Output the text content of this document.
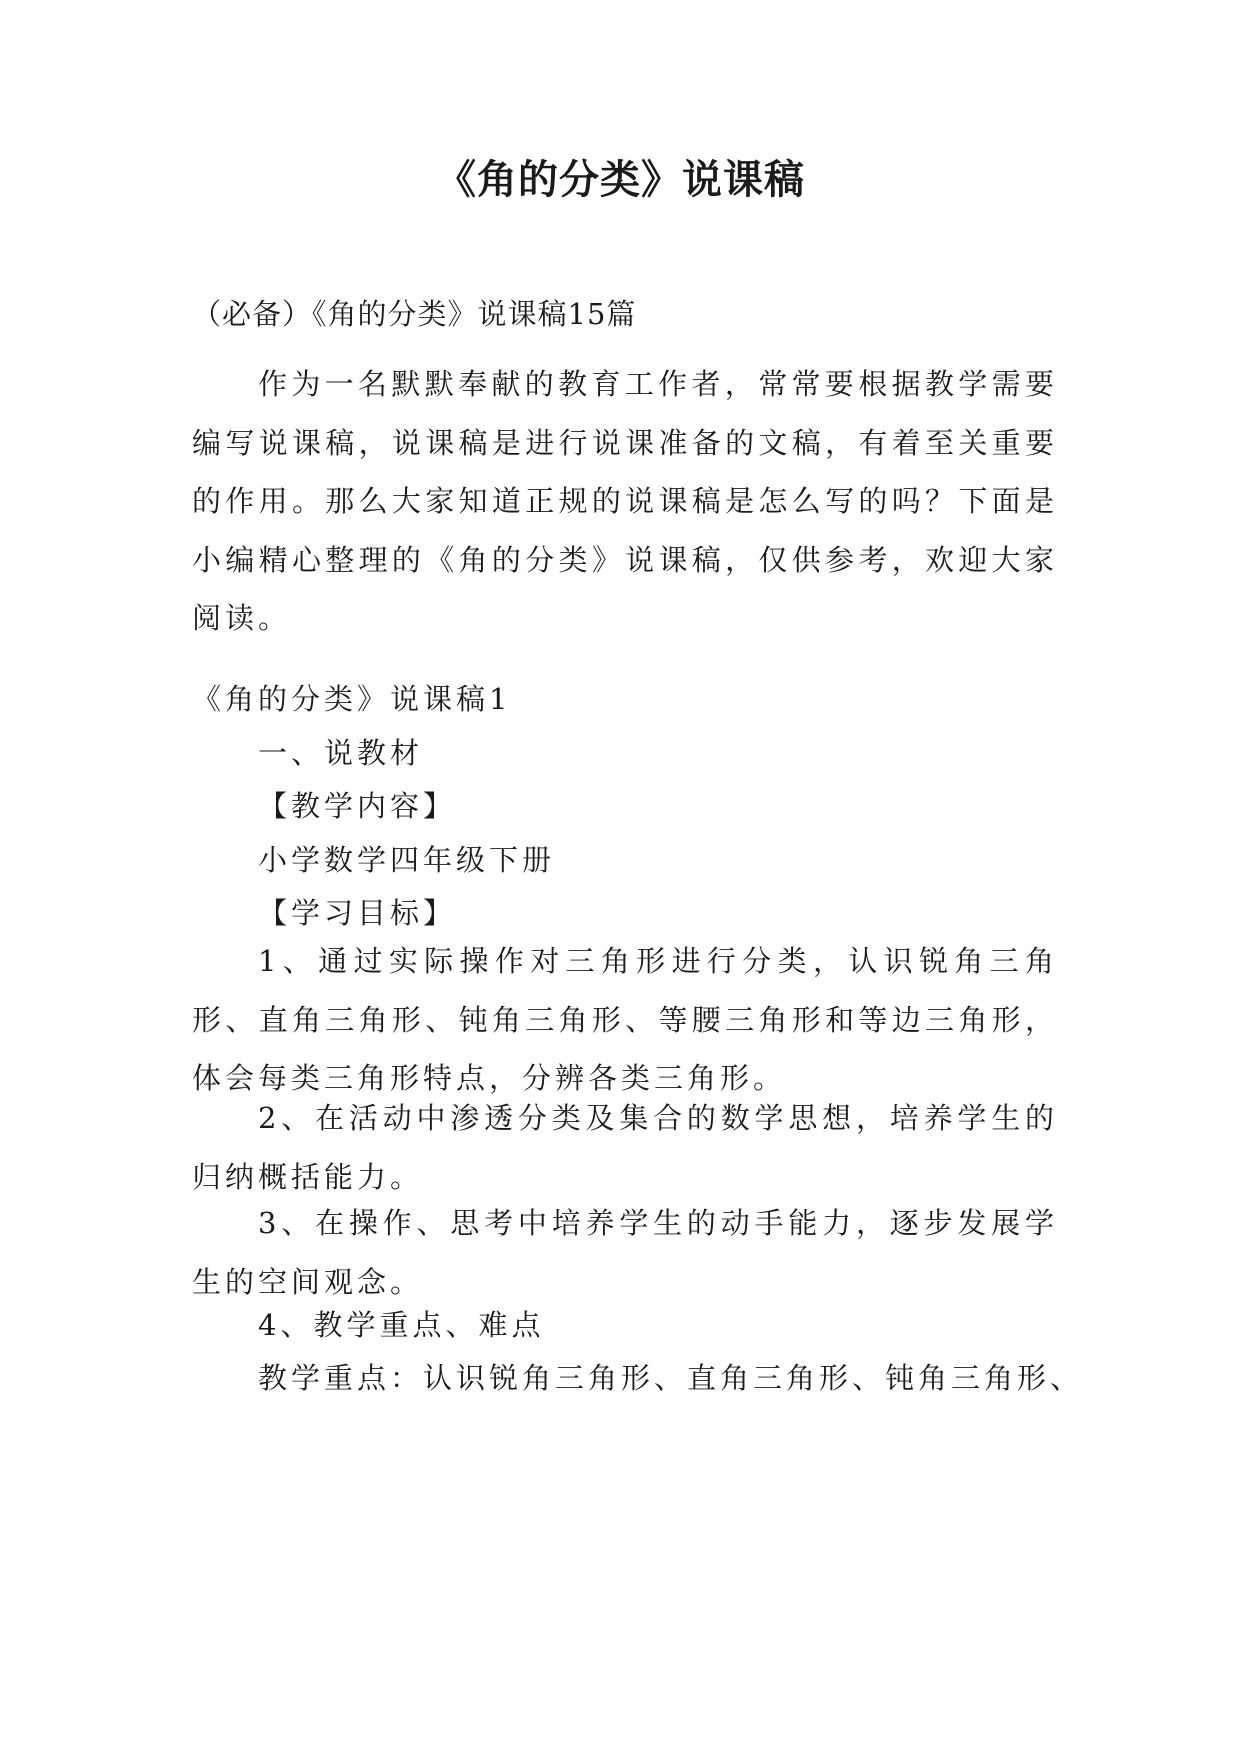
《角的分类》说课稿
（必备）《角的分类》说课稿15篇

作为一名默默奉献的教育工作者，常常要根据教学需要编写说课稿，说课稿是进行说课准备的文稿，有着至关重要的作用。那么大家知道正规的说课稿是怎么写的吗？下面是小编精心整理的《角的分类》说课稿，仅供参考，欢迎大家阅读。

《角的分类》说课稿1
一、说教材
【教学内容】
小学数学四年级下册
【学习目标】

1、通过实际操作对三角形进行分类，认识锐角三角形、直角三角形、钝角三角形、等腰三角形和等边三角形，体会每类三角形特点，分辨各类三角形。

2、在活动中渗透分类及集合的数学思想，培养学生的归纳概括能力。

3、在操作、思考中培养学生的动手能力，逐步发展学生的空间观念。

4、教学重点、难点
教学重点：认识锐角三角形、直角三角形、钝角三角形、
